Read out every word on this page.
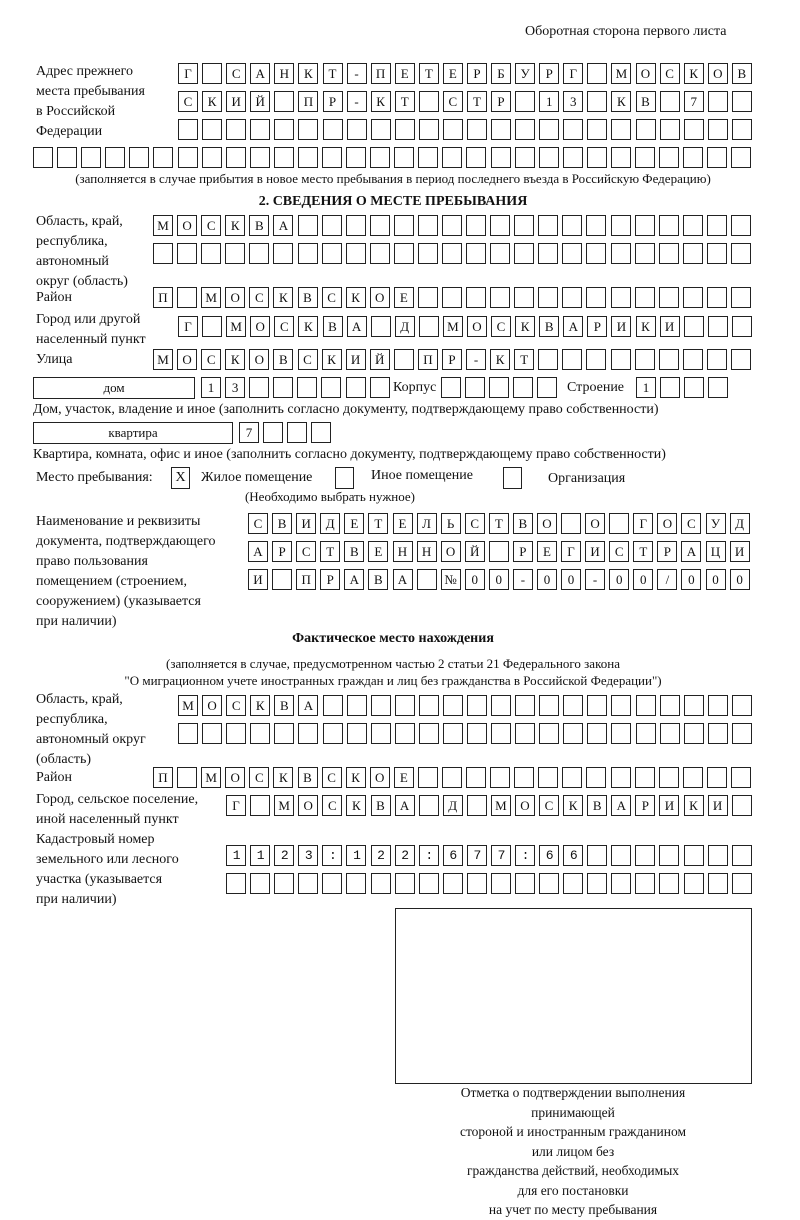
Оборотная сторона первого листа
Адрес прежнего
места пребывания
в Российской
Федерации
Г	С	А	Н	К	Т	-	П	Е	Т	Е	Р	Б	У	Р	Г	М	О	С	К	О	В
С	К	И	Й	П	Р	-	К	Т	С	Т	Р	1	3	К	В	7
(заполняется в случае прибытия в новое место пребывания в период последнего въезда в Российскую Федерацию)
2. СВЕДЕНИЯ О МЕСТЕ ПРЕБЫВАНИЯ
Область, край,
республика,
автономный
округ (область)
М	О	С	К	В	А
Район	П	М	О	С	К	В	С	К	О	Е
Город или другой
населенный пункт
Г	М	О	С	К	В	А	Д	М	О	С	К	В	А	Р	И	К	И
Улица	М	О	С	К	О	В	С	К	И	Й	П	Р	-	К	Т
дом	1	3	Корпус	Строение	1
Дом, участок, владение и иное (заполнить согласно документу, подтверждающему право собственности)
квартира	7
Квартира, комната, офис и иное (заполнить согласно документу, подтверждающему право собственности)
Место пребывания:	X	Жилое помещение	Иное помещение	Организация
(Необходимо выбрать нужное)
Наименование и реквизиты
документа, подтверждающего
право пользования
помещением (строением,
сооружением) (указывается
при наличии)
С	В	И	Д	Е	Т	Е	Л	Ь	С	Т	В	О	О	Г	О	С	У	Д
А	Р	С	Т	В	Е	Н	Н	О	Й	Р	Е	Г	И	С	Т	Р	А	Ц	И
И	П	Р	А	В	А	№	0	0	-	0	0	-	0	0	/	0	0	0
Фактическое место нахождения
(заполняется в случае, предусмотренном частью 2 статьи 21 Федерального закона
"О миграционном учете иностранных граждан и лиц без гражданства в Российской Федерации")
Область, край,
республика,
автономный округ
(область)
М	О	С	К	В	А
Район	П	М	О	С	К	В	С	К	О	Е
Город, сельское поселение,
иной населенный пункт
Г	М	О	С	К	В	А	Д	М	О	С	К	В	А	Р	И	К	И
Кадастровый номер
земельного или лесного
участка (указывается
при наличии)
1123:122:677:66
Отметка о подтверждении выполнения принимающей
стороной и иностранным гражданином или лицом без
гражданства действий, необходимых для его постановки
на учет по месту пребывания
